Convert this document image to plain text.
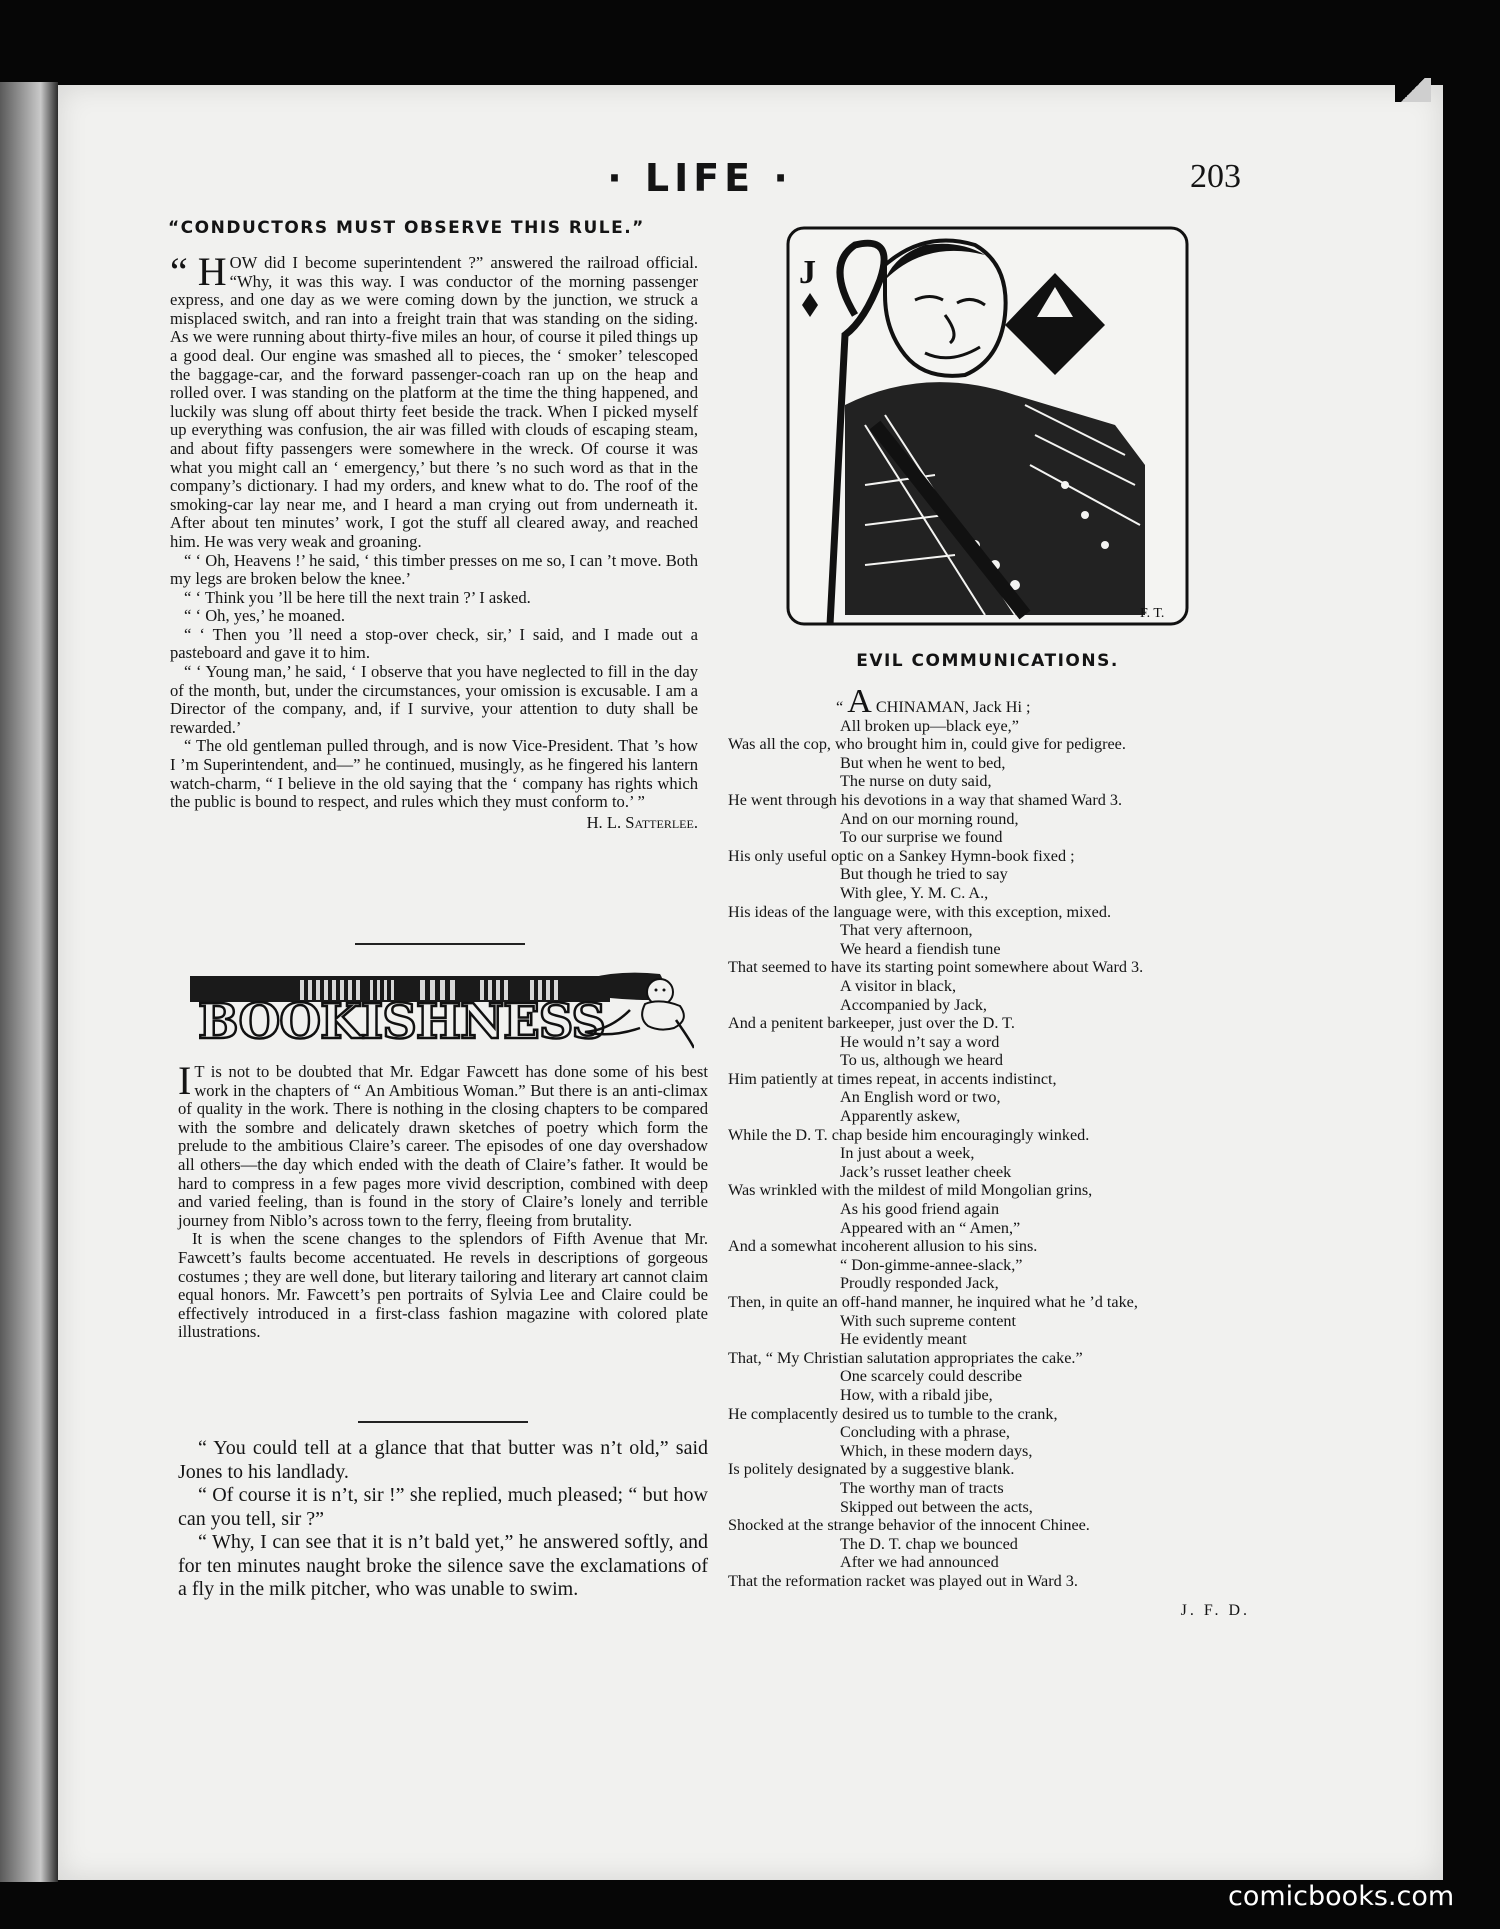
· LIFE ·	203
“CONDUCTORS MUST OBSERVE THIS RULE.”

“ H OW did I become superintendent ?” answered the railroad official. “Why, it was this way. I was conductor of the morning passenger express, and one day as we were coming down by the junction, we struck a misplaced switch, and ran into a freight train that was standing on the siding. As we were running about thirty-five miles an hour, of course it piled things up a good deal. Our engine was smashed all to pieces, the ‘ smoker’ telescoped the baggage-car, and the forward passenger-coach ran up on the heap and rolled over. I was standing on the platform at the time the thing happened, and luckily was slung off about thirty feet beside the track. When I picked myself up everything was confusion, the air was filled with clouds of escaping steam, and about fifty passengers were somewhere in the wreck. Of course it was what you might call an ‘ emergency,’ but there ’s no such word as that in the company’s dictionary. I had my orders, and knew what to do. The roof of the smoking-car lay near me, and I heard a man crying out from underneath it. After about ten minutes’ work, I got the stuff all cleared away, and reached him. He was very weak and groaning.

“ ‘ Oh, Heavens !’ he said, ‘ this timber presses on me so, I can ’t move. Both my legs are broken below the knee.’

“ ‘ Think you ’ll be here till the next train ?’ I asked.

“ ‘ Oh, yes,’ he moaned.

“ ‘ Then you ’ll need a stop-over check, sir,’ I said, and I made out a pasteboard and gave it to him.

“ ‘ Young man,’ he said, ‘ I observe that you have neglected to fill in the day of the month, but, under the circumstances, your omission is excusable. I am a Director of the company, and, if I survive, your attention to duty shall be rewarded.’

“ The old gentleman pulled through, and is now Vice-President. That ’s how I ’m Superintendent, and—” he continued, musingly, as he fingered his lantern watch-charm, “ I believe in the old saying that the ‘ company has rights which the public is bound to respect, and rules which they must conform to.’ ”

H. L. Satterlee.
BOOKISHNESS

I T is not to be doubted that Mr. Edgar Fawcett has done some of his best work in the chapters of “ An Ambitious Woman.” But there is an anti-climax of quality in the work. There is nothing in the closing chapters to be compared with the sombre and delicately drawn sketches of poetry which form the prelude to the ambitious Claire’s career. The episodes of one day overshadow all others—the day which ended with the death of Claire’s father. It would be hard to compress in a few pages more vivid description, combined with deep and varied feeling, than is found in the story of Claire’s lonely and terrible journey from Niblo’s across town to the ferry, fleeing from brutality.

It is when the scene changes to the splendors of Fifth Avenue that Mr. Fawcett’s faults become accentuated. He revels in descriptions of gorgeous costumes ; they are well done, but literary tailoring and literary art cannot claim equal honors. Mr. Fawcett’s pen portraits of Sylvia Lee and Claire could be effectively introduced in a first-class fashion magazine with colored plate illustrations.

“ You could tell at a glance that that butter was n’t old,” said Jones to his landlady.

“ Of course it is n’t, sir !” she replied, much pleased; “ but how can you tell, sir ?”

“ Why, I can see that it is n’t bald yet,” he answered softly, and for ten minutes naught broke the silence save the exclamations of a fly in the milk pitcher, who was unable to swim.

J
F. T.
EVIL COMMUNICATIONS.
“ A CHINAMAN, Jack Hi ;
All broken up—black eye,”
Was all the cop, who brought him in, could give for pedigree.
But when he went to bed,
The nurse on duty said,
He went through his devotions in a way that shamed Ward 3.
And on our morning round,
To our surprise we found
His only useful optic on a Sankey Hymn-book fixed ;
But though he tried to say
With glee, Y. M. C. A.,
His ideas of the language were, with this exception, mixed.
That very afternoon,
We heard a fiendish tune
That seemed to have its starting point somewhere about Ward 3.
A visitor in black,
Accompanied by Jack,
And a penitent barkeeper, just over the D. T.
He would n’t say a word
To us, although we heard
Him patiently at times repeat, in accents indistinct,
An English word or two,
Apparently askew,
While the D. T. chap beside him encouragingly winked.
In just about a week,
Jack’s russet leather cheek
Was wrinkled with the mildest of mild Mongolian grins,
As his good friend again
Appeared with an “ Amen,”
And a somewhat incoherent allusion to his sins.
“ Don-gimme-annee-slack,”
Proudly responded Jack,
Then, in quite an off-hand manner, he inquired what he ’d take,
With such supreme content
He evidently meant
That, “ My Christian salutation appropriates the cake.”
One scarcely could describe
How, with a ribald jibe,
He complacently desired us to tumble to the crank,
Concluding with a phrase,
Which, in these modern days,
Is politely designated by a suggestive blank.
The worthy man of tracts
Skipped out between the acts,
Shocked at the strange behavior of the innocent Chinee.
The D. T. chap we bounced
After we had announced
That the reformation racket was played out in Ward 3.
J. F. D.
comicbooks.com
